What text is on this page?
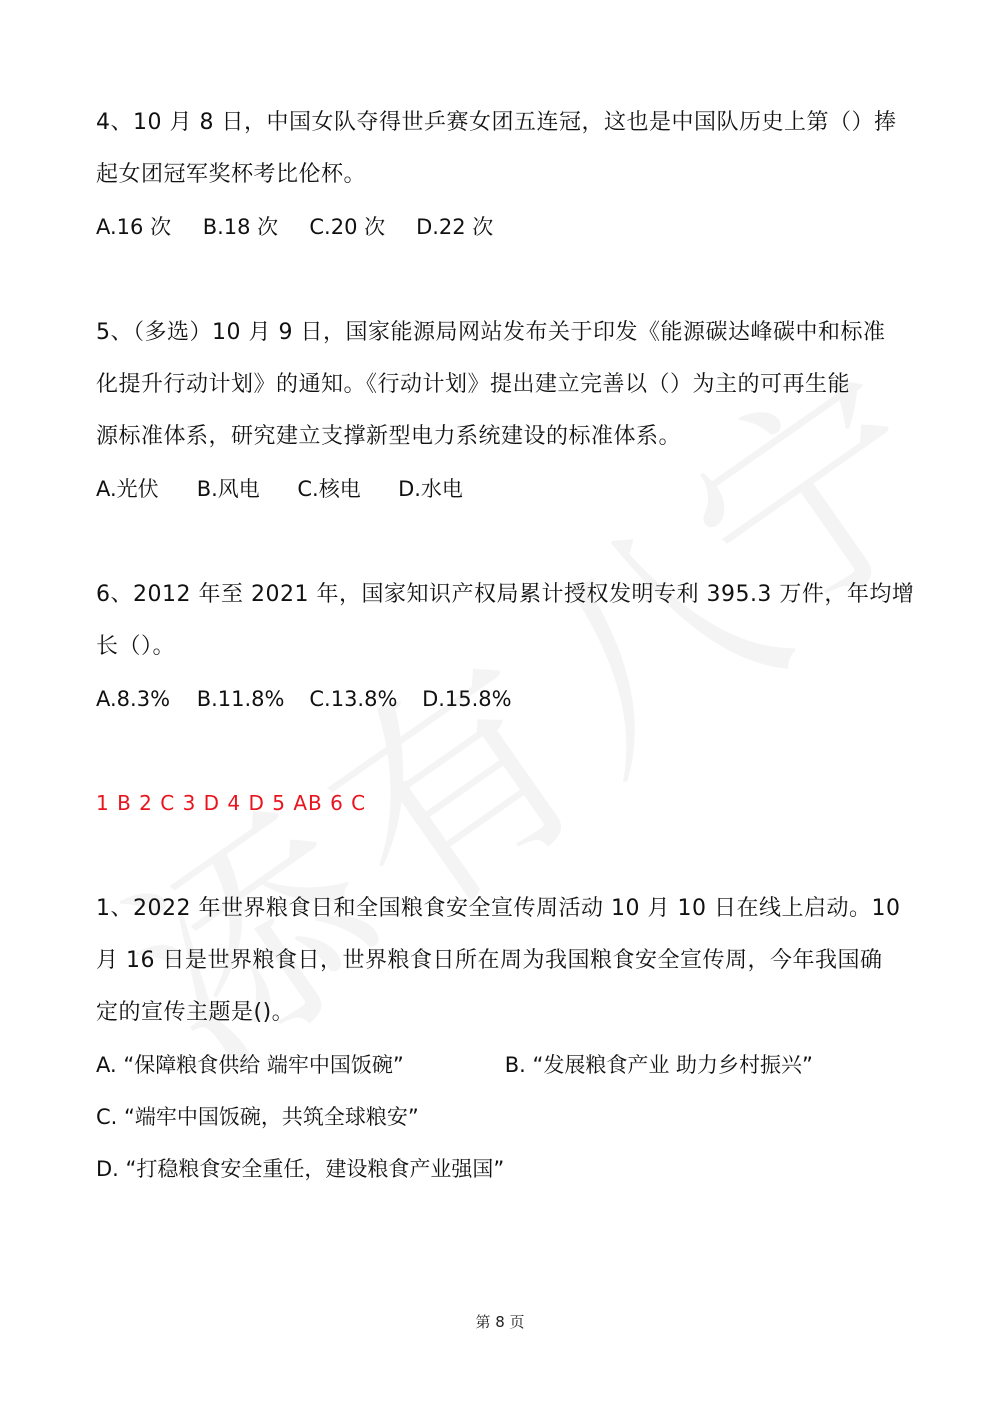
4、10 月 8 日，中国女队夺得世乒赛女团五连冠，这也是中国队历史上第（）捧
起女团冠军奖杯考比伦杯。
A.16 次 B.18 次 C.20 次 D.22 次
5、（多选）10 月 9 日，国家能源局网站发布关于印发《能源碳达峰碳中和标准
化提升行动计划》的通知。《行动计划》提出建立完善以（）为主的可再生能
源标准体系，研究建立支撑新型电力系统建设的标准体系。
A.光伏 B.风电 C.核电 D.水电
6、2012 年至 2021 年，国家知识产权局累计授权发明专利 395.3 万件，年均增
长（）。
A.8.3% B.11.8% C.13.8% D.15.8%
1 B 2 C 3 D 4 D 5 AB 6 C
1、2022 年世界粮食日和全国粮食安全宣传周活动 10 月 10 日在线上启动。10
月 16 日是世界粮食日，世界粮食日所在周为我国粮食安全宣传周，今年我国确
定的宣传主题是()。
A. “保障粮食供给 端牢中国饭碗”	B. “发展粮食产业 助力乡村振兴”
C. “端牢中国饭碗，共筑全球粮安”
D. “打稳粮食安全重任，建设粮食产业强国”
第 8 页
